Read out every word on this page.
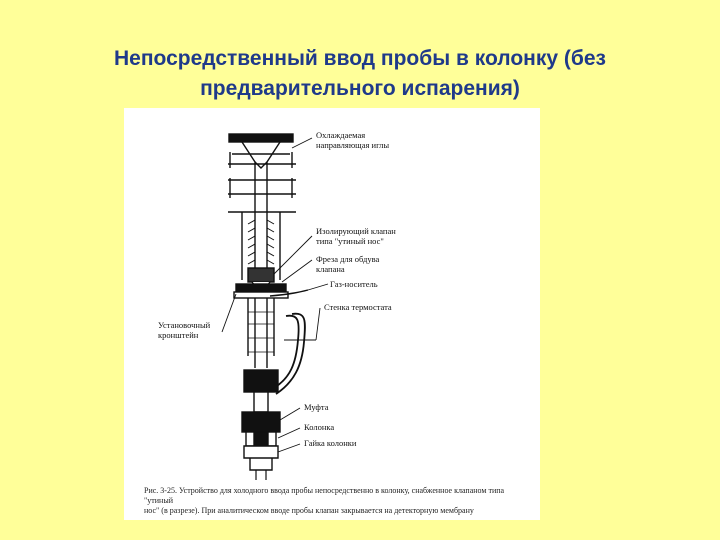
Непосредственный ввод пробы в колонку (без
предварительного испарения)
Охлаждаемая
направляющая иглы
Изолирующий клапан
типа "утиный нос"
Фреза для обдува
клапана
Газ-носитель
Стенка термостата
Установочный
кронштейн
Муфта
Колонка
Гайка колонки
Рис. 3-25. Устройство для холодного ввода пробы непосредственно в колонку, снабженное клапаном типа "утиный
нос" (в разрезе). При аналитическом вводе пробы клапан закрывается на детекторную мембрану
